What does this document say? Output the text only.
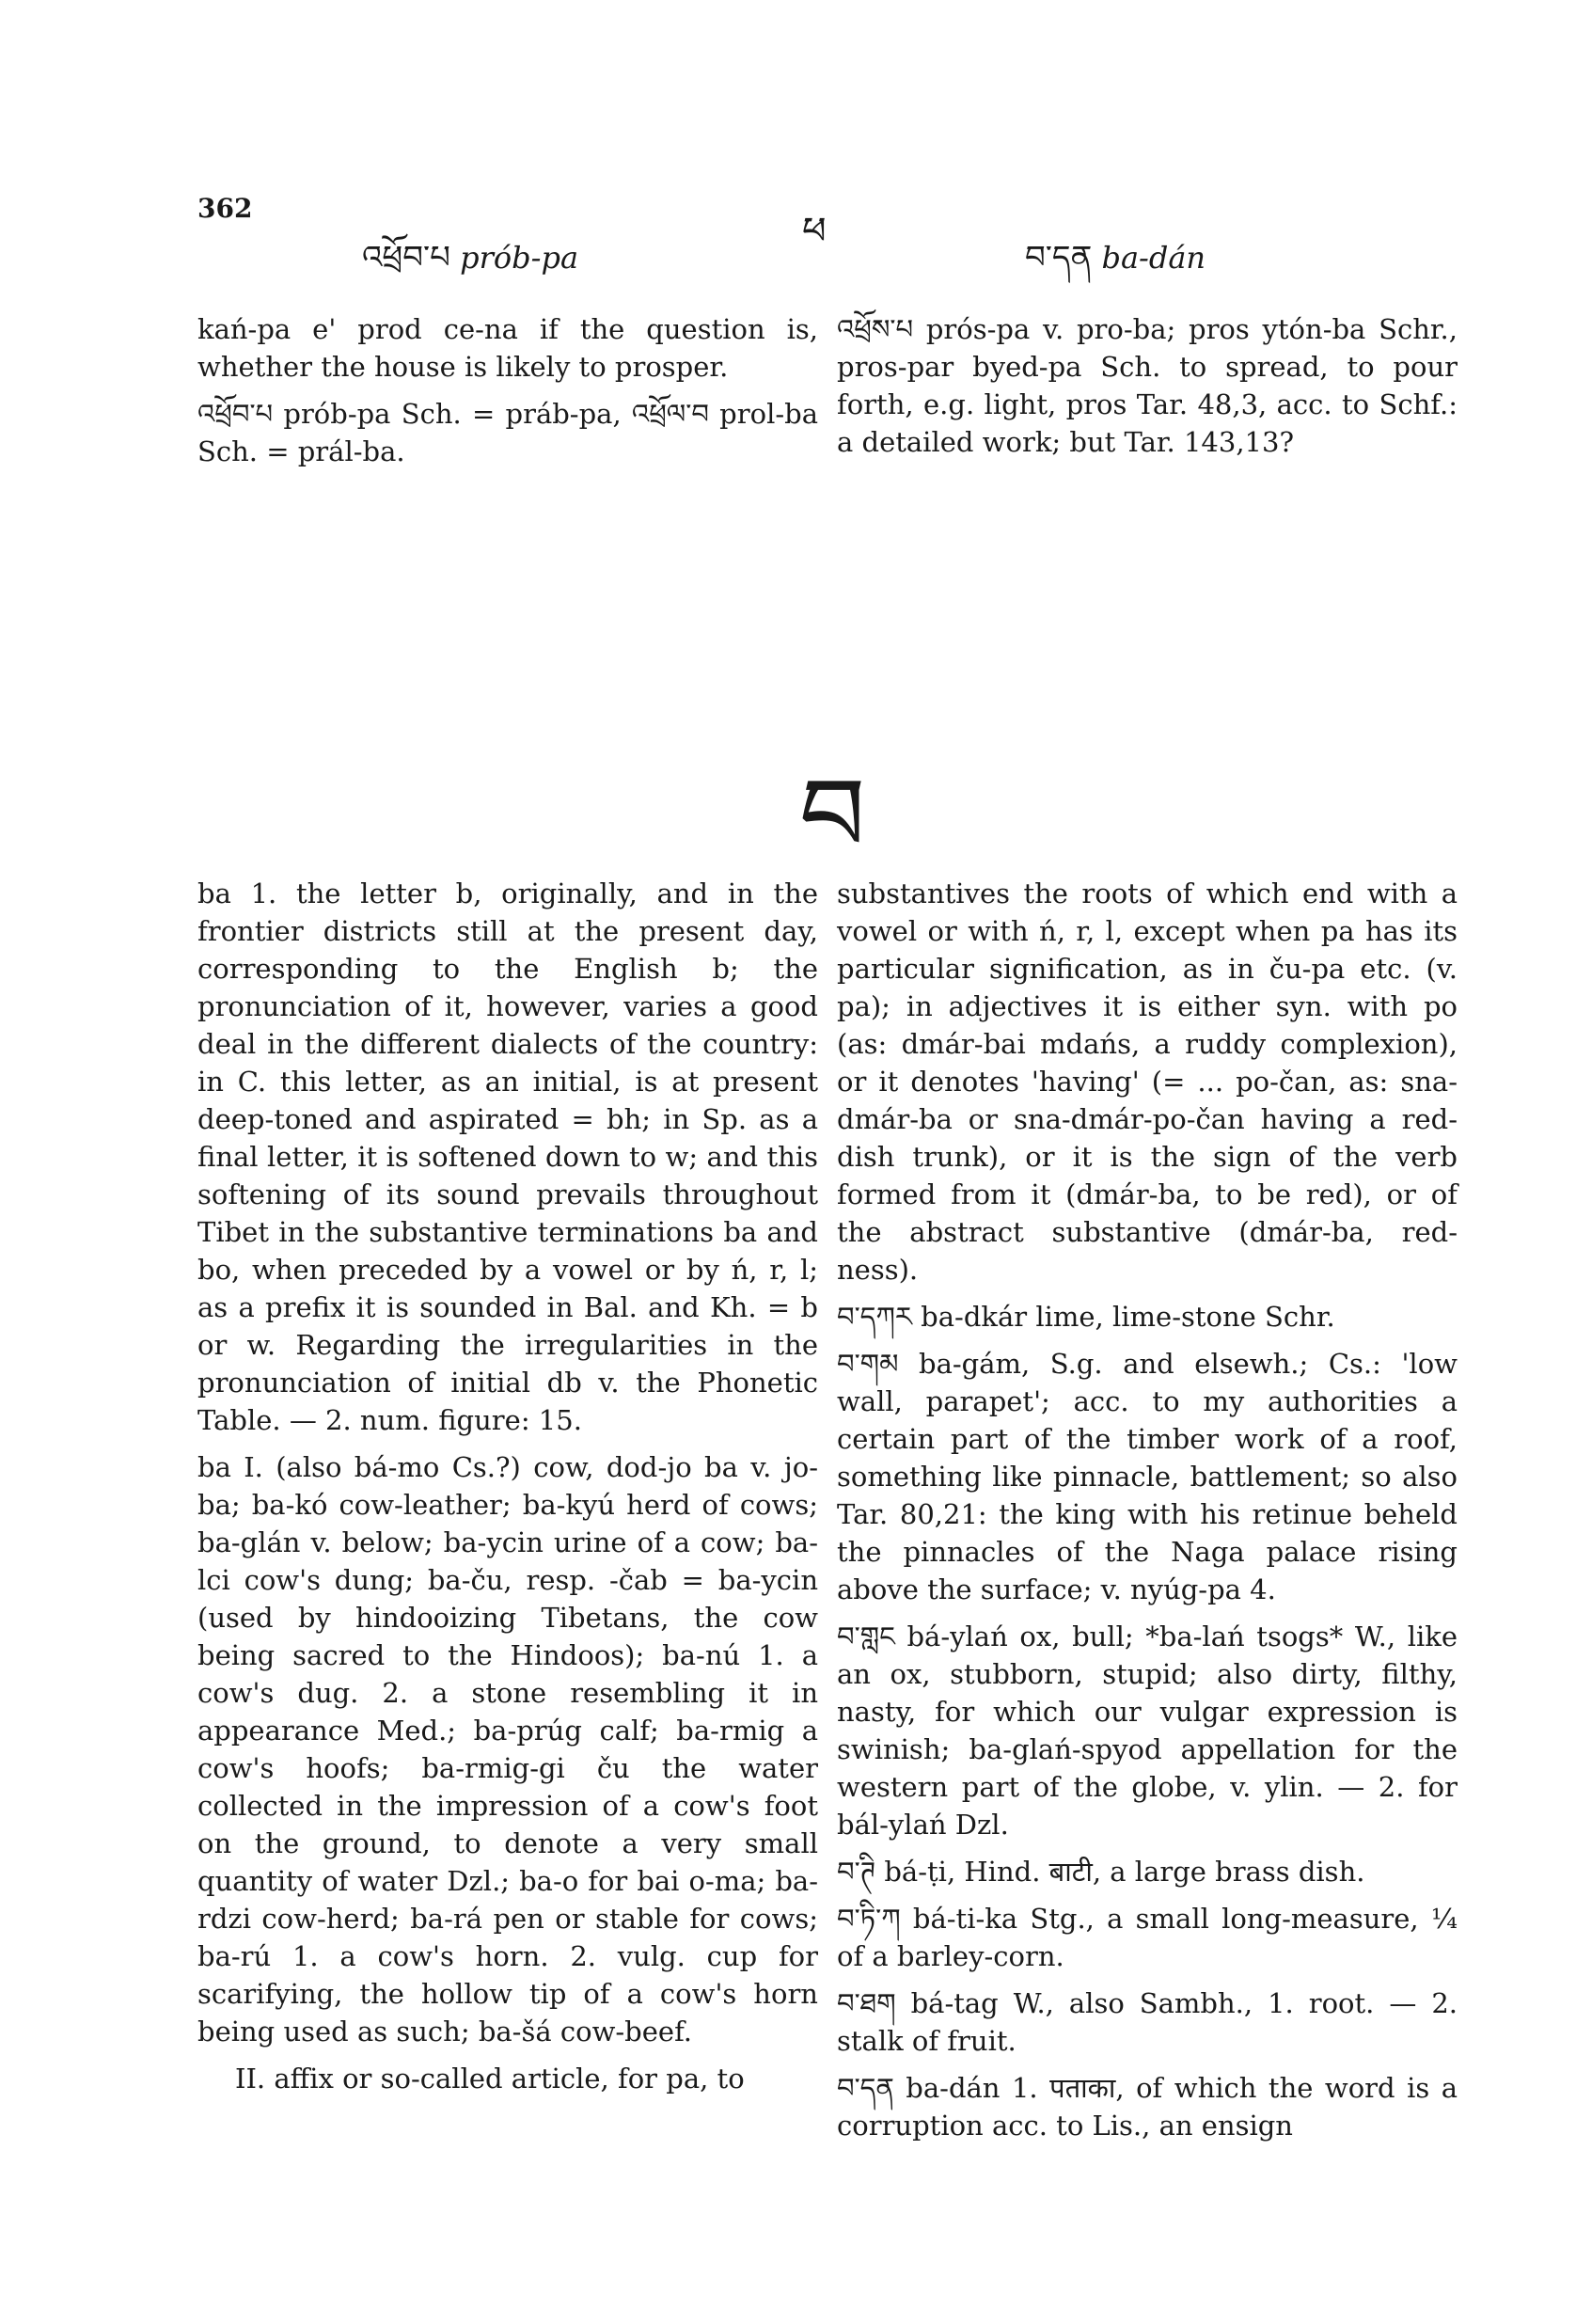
362
ཕ
འཕྲོབ་པ prób-pa	བ་དན ba-dán

kań-pa e' prod ce-na if the question is, whether the house is likely to prosper.

འཕྲོབ་པ prób-pa Sch. = práb-pa, འཕྲོལ་བ prol-ba Sch. = prál-ba.

འཕྲོས་པ prós-pa v. pro-ba; pros ytón-ba Schr., pros-par byed-pa Sch. to spread, to pour forth, e.g. light, pros Tar. 48,3, acc. to Schf.: a detailed work; but Tar. 143,13?

བ

ba 1. the letter b, originally, and in the frontier districts still at the present day, corresponding to the English b; the pronunciation of it, however, varies a good deal in the different dialects of the country: in C. this letter, as an initial, is at present deep-toned and aspirated = bh; in Sp. as a final letter, it is softened down to w; and this softening of its sound prevails throughout Tibet in the substantive terminations ba and bo, when preceded by a vowel or by ń, r, l; as a prefix it is sounded in Bal. and Kh. = b or w. Regarding the irregularities in the pronunciation of initial db v. the Phonetic Table. — 2. num. figure: 15.

ba I. (also bá-mo Cs.?) cow, dod-jo ba v. jo-ba; ba-kó cow-leather; ba-kyú herd of cows; ba-glán v. below; ba-ycin urine of a cow; ba-lci cow's dung; ba-ču, resp. -čab = ba-ycin (used by hindooizing Tibetans, the cow being sacred to the Hindoos); ba-nú 1. a cow's dug. 2. a stone resembling it in appearance Med.; ba-prúg calf; ba-rmig a cow's hoofs; ba-rmig-gi ču the water collected in the impression of a cow's foot on the ground, to denote a very small quantity of water Dzl.; ba-o for bai o-ma; ba-rdzi cow-herd; ba-rá pen or stable for cows; ba-rú 1. a cow's horn. 2. vulg. cup for scarifying, the hollow tip of a cow's horn being used as such; ba-šá cow-beef.

II. affix or so-called article, for pa, to

substantives the roots of which end with a vowel or with ń, r, l, except when pa has its particular signification, as in ču-pa etc. (v. pa); in adjectives it is either syn. with po (as: dmár-bai mdańs, a ruddy complexion), or it denotes 'having' (= ... po-čan, as: sna-dmár-ba or sna-dmár-po-čan having a red-dish trunk), or it is the sign of the verb formed from it (dmár-ba, to be red), or of the abstract substantive (dmár-ba, red-ness).

བ་དཀར ba-dkár lime, lime-stone Schr.

བ་གམ ba-gám, S.g. and elsewh.; Cs.: 'low wall, parapet'; acc. to my authorities a certain part of the timber work of a roof, something like pinnacle, battlement; so also Tar. 80,21: the king with his retinue beheld the pinnacles of the Naga palace rising above the surface; v. nyúg-pa 4.

བ་གླང bá-ylań ox, bull; *ba-lań tsogs* W., like an ox, stubborn, stupid; also dirty, filthy, nasty, for which our vulgar expression is swinish; ba-glań-spyod appellation for the western part of the globe, v. ylin. — 2. for bál-ylań Dzl.

བ་ཊི bá-ṭi, Hind. बाटी, a large brass dish.

བ་ཏི་ཀ bá-ti-ka Stg., a small long-measure, ¼ of a barley-corn.

བ་ཐག bá-tag W., also Sambh., 1. root. — 2. stalk of fruit.

བ་དན ba-dán 1. पताका, of which the word is a corruption acc. to Lis., an ensign
